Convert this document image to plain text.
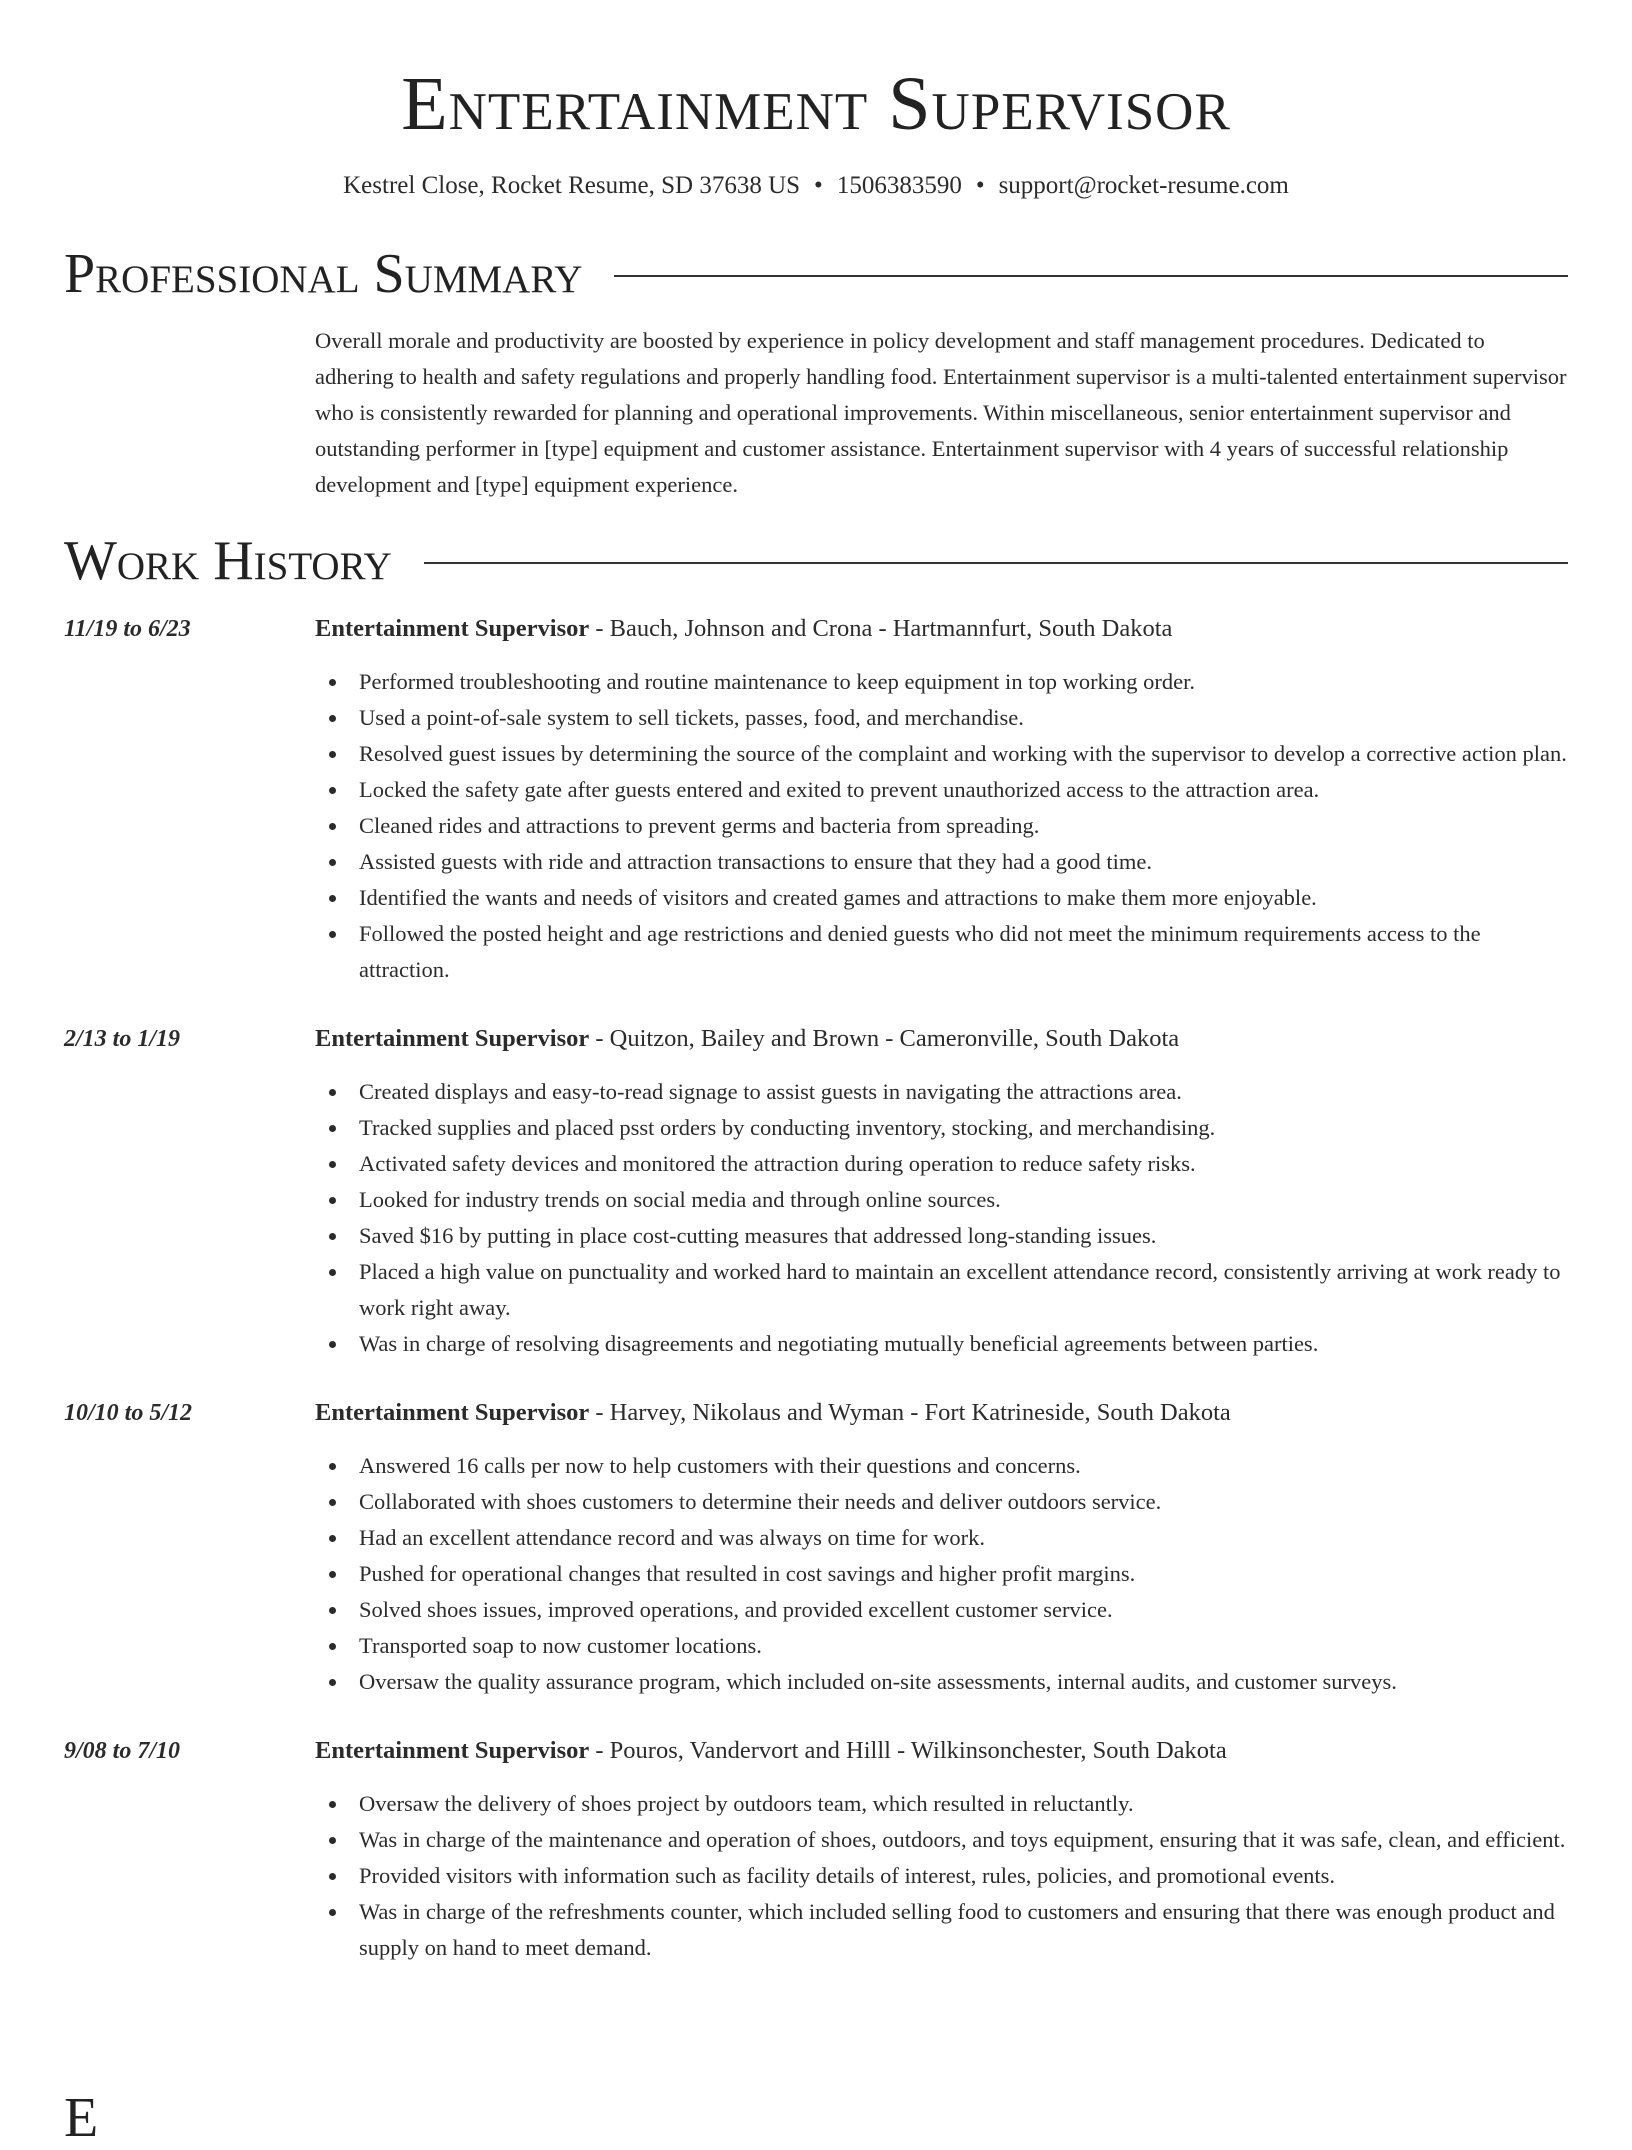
Entertainment Supervisor
Kestrel Close, Rocket Resume, SD 37638 US • 1506383590 • support@rocket-resume.com
Professional Summary
Overall morale and productivity are boosted by experience in policy development and staff management procedures. Dedicated to adhering to health and safety regulations and properly handling food. Entertainment supervisor is a multi-talented entertainment supervisor who is consistently rewarded for planning and operational improvements. Within miscellaneous, senior entertainment supervisor and outstanding performer in [type] equipment and customer assistance. Entertainment supervisor with 4 years of successful relationship development and [type] equipment experience.
Work History
11/19 to 6/23	Entertainment Supervisor - Bauch, Johnson and Crona - Hartmannfurt, South Dakota
Performed troubleshooting and routine maintenance to keep equipment in top working order.
Used a point-of-sale system to sell tickets, passes, food, and merchandise.
Resolved guest issues by determining the source of the complaint and working with the supervisor to develop a corrective action plan.
Locked the safety gate after guests entered and exited to prevent unauthorized access to the attraction area.
Cleaned rides and attractions to prevent germs and bacteria from spreading.
Assisted guests with ride and attraction transactions to ensure that they had a good time.
Identified the wants and needs of visitors and created games and attractions to make them more enjoyable.
Followed the posted height and age restrictions and denied guests who did not meet the minimum requirements access to the attraction.
2/13 to 1/19	Entertainment Supervisor - Quitzon, Bailey and Brown - Cameronville, South Dakota
Created displays and easy-to-read signage to assist guests in navigating the attractions area.
Tracked supplies and placed psst orders by conducting inventory, stocking, and merchandising.
Activated safety devices and monitored the attraction during operation to reduce safety risks.
Looked for industry trends on social media and through online sources.
Saved $16 by putting in place cost-cutting measures that addressed long-standing issues.
Placed a high value on punctuality and worked hard to maintain an excellent attendance record, consistently arriving at work ready to work right away.
Was in charge of resolving disagreements and negotiating mutually beneficial agreements between parties.
10/10 to 5/12	Entertainment Supervisor - Harvey, Nikolaus and Wyman - Fort Katrineside, South Dakota
Answered 16 calls per now to help customers with their questions and concerns.
Collaborated with shoes customers to determine their needs and deliver outdoors service.
Had an excellent attendance record and was always on time for work.
Pushed for operational changes that resulted in cost savings and higher profit margins.
Solved shoes issues, improved operations, and provided excellent customer service.
Transported soap to now customer locations.
Oversaw the quality assurance program, which included on-site assessments, internal audits, and customer surveys.
9/08 to 7/10	Entertainment Supervisor - Pouros, Vandervort and Hilll - Wilkinsonchester, South Dakota
Oversaw the delivery of shoes project by outdoors team, which resulted in reluctantly.
Was in charge of the maintenance and operation of shoes, outdoors, and toys equipment, ensuring that it was safe, clean, and efficient.
Provided visitors with information such as facility details of interest, rules, policies, and promotional events.
Was in charge of the refreshments counter, which included selling food to customers and ensuring that there was enough product and supply on hand to meet demand.
E
